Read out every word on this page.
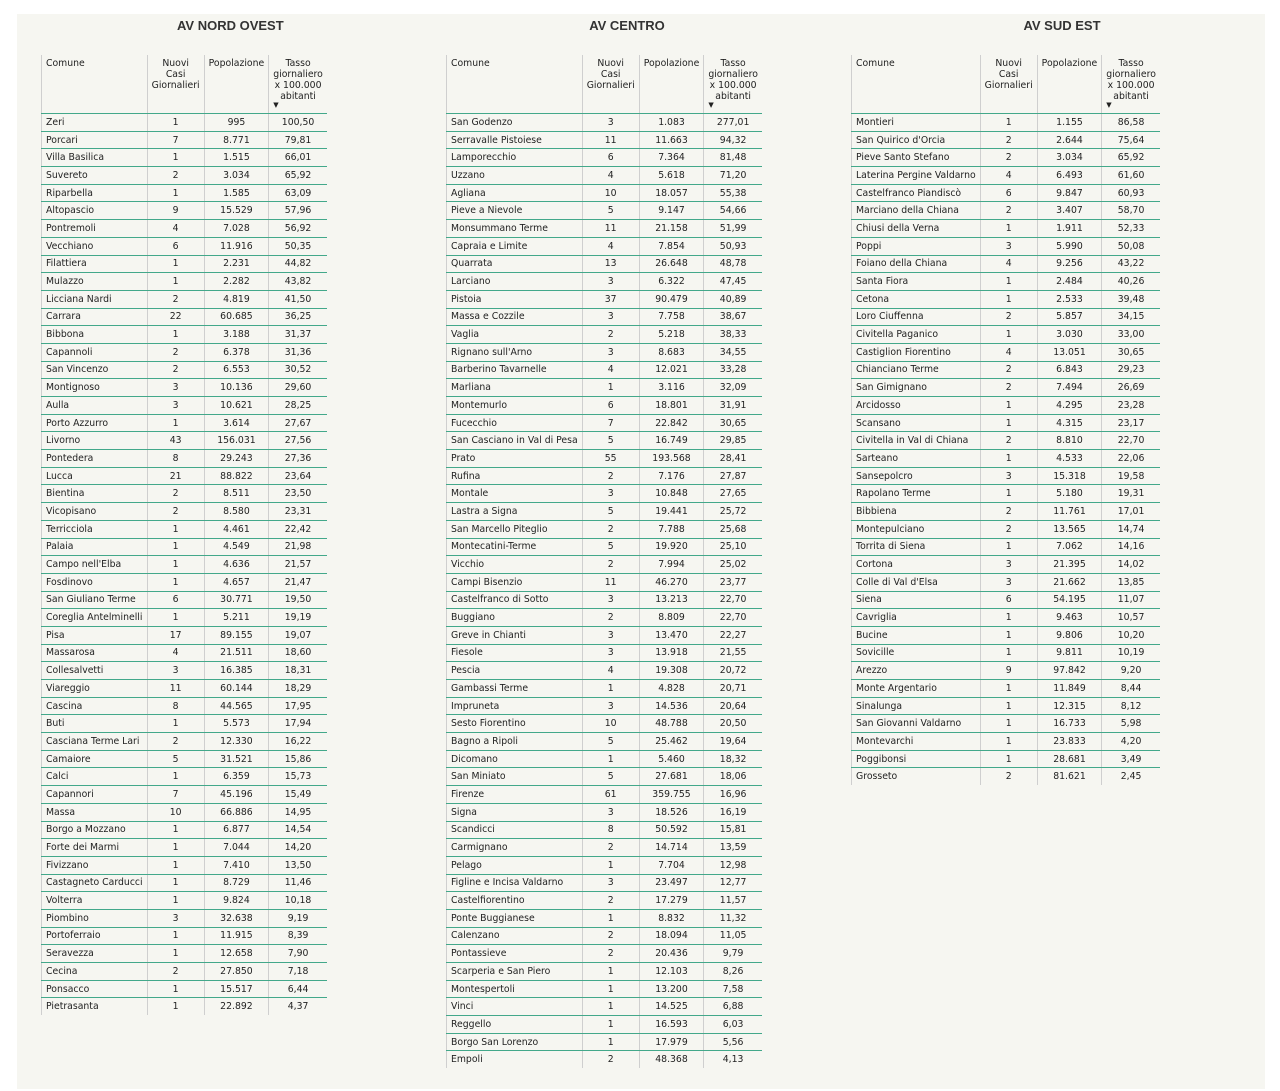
AV NORD OVEST
Comune	Nuovi Casi Giornalieri	Popolazione	Tasso giornaliero x 100.000 abitanti
▼

Zeri	1	995	100,50
Porcari	7	8.771	79,81
Villa Basilica	1	1.515	66,01
Suvereto	2	3.034	65,92
Riparbella	1	1.585	63,09
Altopascio	9	15.529	57,96
Pontremoli	4	7.028	56,92
Vecchiano	6	11.916	50,35
Filattiera	1	2.231	44,82
Mulazzo	1	2.282	43,82
Licciana Nardi	2	4.819	41,50
Carrara	22	60.685	36,25
Bibbona	1	3.188	31,37
Capannoli	2	6.378	31,36
San Vincenzo	2	6.553	30,52
Montignoso	3	10.136	29,60
Aulla	3	10.621	28,25
Porto Azzurro	1	3.614	27,67
Livorno	43	156.031	27,56
Pontedera	8	29.243	27,36
Lucca	21	88.822	23,64
Bientina	2	8.511	23,50
Vicopisano	2	8.580	23,31
Terricciola	1	4.461	22,42
Palaia	1	4.549	21,98
Campo nell'Elba	1	4.636	21,57
Fosdinovo	1	4.657	21,47
San Giuliano Terme	6	30.771	19,50
Coreglia Antelminelli	1	5.211	19,19
Pisa	17	89.155	19,07
Massarosa	4	21.511	18,60
Collesalvetti	3	16.385	18,31
Viareggio	11	60.144	18,29
Cascina	8	44.565	17,95
Buti	1	5.573	17,94
Casciana Terme Lari	2	12.330	16,22
Camaiore	5	31.521	15,86
Calci	1	6.359	15,73
Capannori	7	45.196	15,49
Massa	10	66.886	14,95
Borgo a Mozzano	1	6.877	14,54
Forte dei Marmi	1	7.044	14,20
Fivizzano	1	7.410	13,50
Castagneto Carducci	1	8.729	11,46
Volterra	1	9.824	10,18
Piombino	3	32.638	9,19
Portoferraio	1	11.915	8,39
Seravezza	1	12.658	7,90
Cecina	2	27.850	7,18
Ponsacco	1	15.517	6,44
Pietrasanta	1	22.892	4,37
AV CENTRO
Comune	Nuovi Casi Giornalieri	Popolazione	Tasso giornaliero x 100.000 abitanti
▼

San Godenzo	3	1.083	277,01
Serravalle Pistoiese	11	11.663	94,32
Lamporecchio	6	7.364	81,48
Uzzano	4	5.618	71,20
Agliana	10	18.057	55,38
Pieve a Nievole	5	9.147	54,66
Monsummano Terme	11	21.158	51,99
Capraia e Limite	4	7.854	50,93
Quarrata	13	26.648	48,78
Larciano	3	6.322	47,45
Pistoia	37	90.479	40,89
Massa e Cozzile	3	7.758	38,67
Vaglia	2	5.218	38,33
Rignano sull'Arno	3	8.683	34,55
Barberino Tavarnelle	4	12.021	33,28
Marliana	1	3.116	32,09
Montemurlo	6	18.801	31,91
Fucecchio	7	22.842	30,65
San Casciano in Val di Pesa	5	16.749	29,85
Prato	55	193.568	28,41
Rufina	2	7.176	27,87
Montale	3	10.848	27,65
Lastra a Signa	5	19.441	25,72
San Marcello Piteglio	2	7.788	25,68
Montecatini-Terme	5	19.920	25,10
Vicchio	2	7.994	25,02
Campi Bisenzio	11	46.270	23,77
Castelfranco di Sotto	3	13.213	22,70
Buggiano	2	8.809	22,70
Greve in Chianti	3	13.470	22,27
Fiesole	3	13.918	21,55
Pescia	4	19.308	20,72
Gambassi Terme	1	4.828	20,71
Impruneta	3	14.536	20,64
Sesto Fiorentino	10	48.788	20,50
Bagno a Ripoli	5	25.462	19,64
Dicomano	1	5.460	18,32
San Miniato	5	27.681	18,06
Firenze	61	359.755	16,96
Signa	3	18.526	16,19
Scandicci	8	50.592	15,81
Carmignano	2	14.714	13,59
Pelago	1	7.704	12,98
Figline e Incisa Valdarno	3	23.497	12,77
Castelfiorentino	2	17.279	11,57
Ponte Buggianese	1	8.832	11,32
Calenzano	2	18.094	11,05
Pontassieve	2	20.436	9,79
Scarperia e San Piero	1	12.103	8,26
Montespertoli	1	13.200	7,58
Vinci	1	14.525	6,88
Reggello	1	16.593	6,03
Borgo San Lorenzo	1	17.979	5,56
Empoli	2	48.368	4,13
AV SUD EST
Comune	Nuovi Casi Giornalieri	Popolazione	Tasso giornaliero x 100.000 abitanti
▼

Montieri	1	1.155	86,58
San Quirico d'Orcia	2	2.644	75,64
Pieve Santo Stefano	2	3.034	65,92
Laterina Pergine Valdarno	4	6.493	61,60
Castelfranco Piandiscò	6	9.847	60,93
Marciano della Chiana	2	3.407	58,70
Chiusi della Verna	1	1.911	52,33
Poppi	3	5.990	50,08
Foiano della Chiana	4	9.256	43,22
Santa Fiora	1	2.484	40,26
Cetona	1	2.533	39,48
Loro Ciuffenna	2	5.857	34,15
Civitella Paganico	1	3.030	33,00
Castiglion Fiorentino	4	13.051	30,65
Chianciano Terme	2	6.843	29,23
San Gimignano	2	7.494	26,69
Arcidosso	1	4.295	23,28
Scansano	1	4.315	23,17
Civitella in Val di Chiana	2	8.810	22,70
Sarteano	1	4.533	22,06
Sansepolcro	3	15.318	19,58
Rapolano Terme	1	5.180	19,31
Bibbiena	2	11.761	17,01
Montepulciano	2	13.565	14,74
Torrita di Siena	1	7.062	14,16
Cortona	3	21.395	14,02
Colle di Val d'Elsa	3	21.662	13,85
Siena	6	54.195	11,07
Cavriglia	1	9.463	10,57
Bucine	1	9.806	10,20
Sovicille	1	9.811	10,19
Arezzo	9	97.842	9,20
Monte Argentario	1	11.849	8,44
Sinalunga	1	12.315	8,12
San Giovanni Valdarno	1	16.733	5,98
Montevarchi	1	23.833	4,20
Poggibonsi	1	28.681	3,49
Grosseto	2	81.621	2,45
